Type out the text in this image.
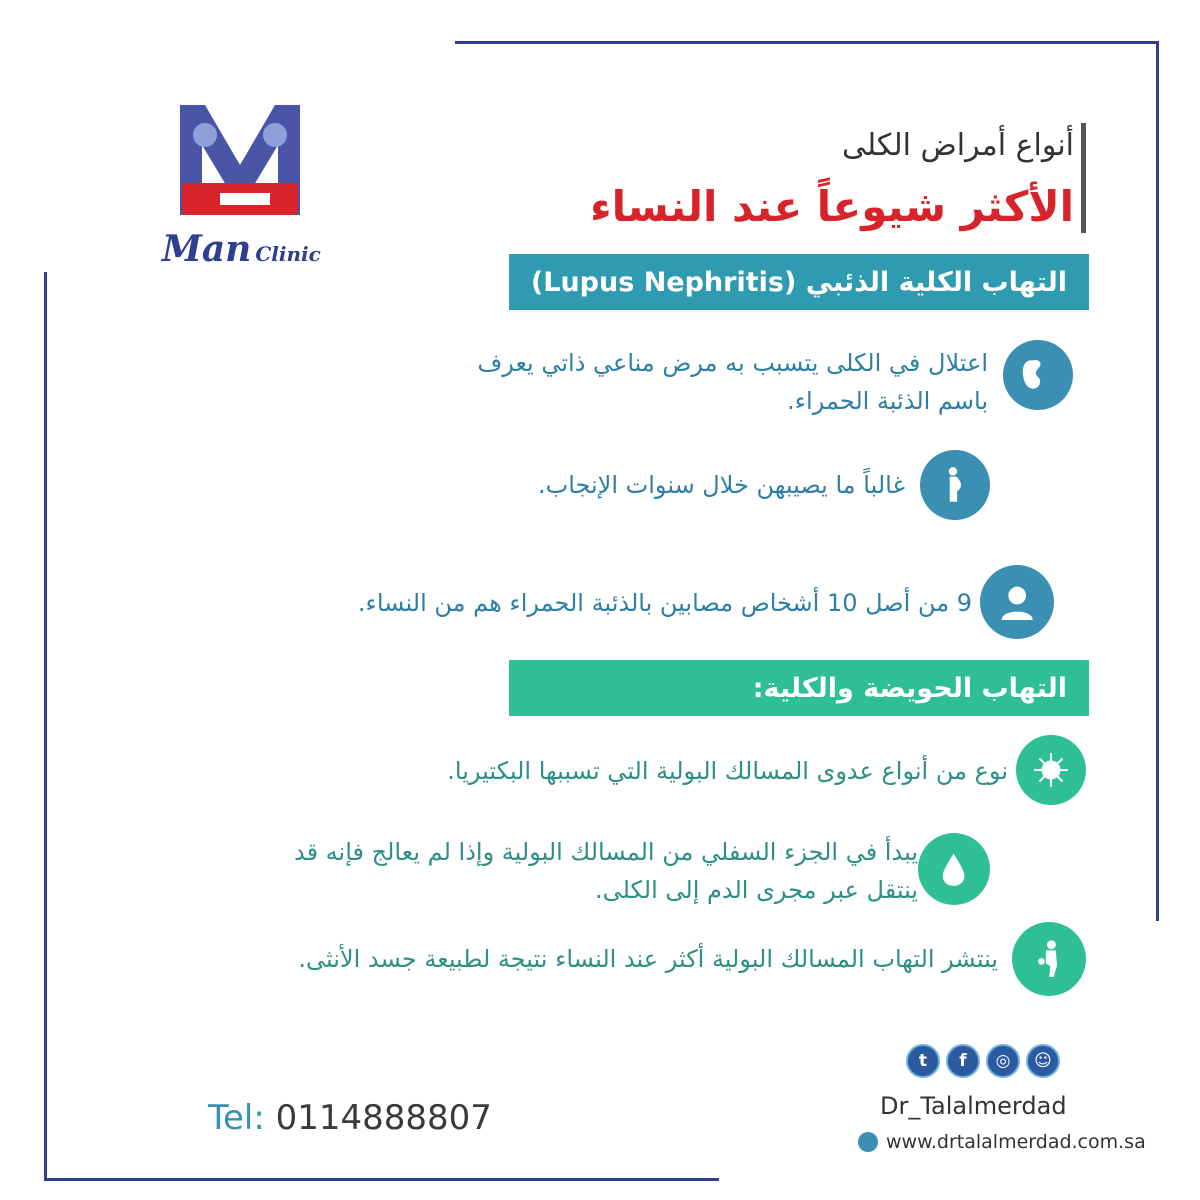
Man Clinic
أنواع أمراض الكلى
الأكثر شيوعاً عند النساء
التهاب الكلية الذئبي (Lupus Nephritis)
اعتلال في الكلى يتسبب به مرض مناعي ذاتي يعرف
باسم الذئبة الحمراء.
غالباً ما يصيبهن خلال سنوات الإنجاب.
9 من أصل 10 أشخاص مصابين بالذئبة الحمراء هم من النساء.
التهاب الحويضة والكلية:
نوع من أنواع عدوى المسالك البولية التي تسببها البكتيريا.
يبدأ في الجزء السفلي من المسالك البولية وإذا لم يعالج فإنه قد
ينتقل عبر مجرى الدم إلى الكلى.
ينتشر التهاب المسالك البولية أكثر عند النساء نتيجة لطبيعة جسد الأنثى.
Tel: 0114888807
t	f	◎	☺
Dr_Talalmerdad
www.drtalalmerdad.com.sa
